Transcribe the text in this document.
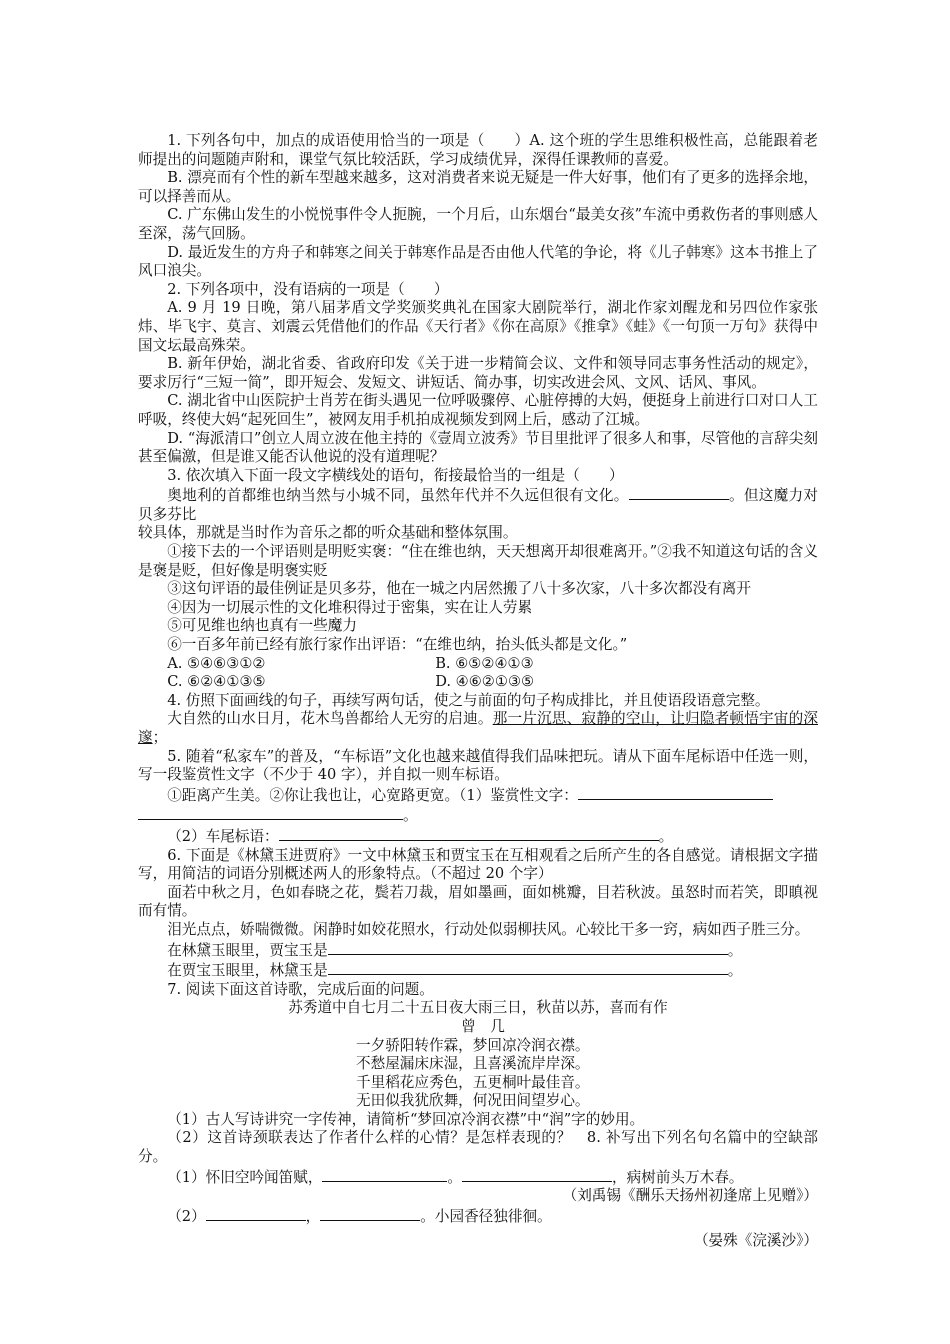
1. 下列各句中，加点的成语使用恰当的一项是（　　）A. 这个班的学生思维积极性高，总能跟着老师提出的问题随声附和，课堂气氛比较活跃，学习成绩优异，深得任课教师的喜爱。

B. 漂亮而有个性的新车型越来越多，这对消费者来说无疑是一件大好事，他们有了更多的选择余地，可以择善而从。

C. 广东佛山发生的小悦悦事件令人扼腕，一个月后，山东烟台“最美女孩”车流中勇救伤者的事则感人至深，荡气回肠。

D. 最近发生的方舟子和韩寒之间关于韩寒作品是否由他人代笔的争论，将《儿子韩寒》这本书推上了风口浪尖。

2. 下列各项中，没有语病的一项是（　　）

A. 9 月 19 日晚，第八届茅盾文学奖颁奖典礼在国家大剧院举行，湖北作家刘醒龙和另四位作家张炜、毕飞宇、莫言、刘震云凭借他们的作品《天行者》《你在高原》《推拿》《蛙》《一句顶一万句》获得中国文坛最高殊荣。

B. 新年伊始，湖北省委、省政府印发《关于进一步精简会议、文件和领导同志事务性活动的规定》，要求厉行“三短一简”，即开短会、发短文、讲短话、简办事，切实改进会风、文风、话风、事风。

C. 湖北省中山医院护士肖芳在街头遇见一位呼吸骤停、心脏停搏的大妈，便挺身上前进行口对口人工呼吸，终使大妈“起死回生”，被网友用手机拍成视频发到网上后，感动了江城。

D. “海派清口”创立人周立波在他主持的《壹周立波秀》节目里批评了很多人和事，尽管他的言辞尖刻甚至偏激，但是谁又能否认他说的没有道理呢？

3. 依次填入下面一段文字横线处的语句，衔接最恰当的一组是（　　）

奥地利的首都维也纳当然与小城不同，虽然年代并不久远但很有文化。	。但这魔力对贝多芬比

较具体，那就是当时作为音乐之都的听众基础和整体氛围。

①接下去的一个评语则是明贬实褒：“住在维也纳，天天想离开却很难离开。”②我不知道这句话的含义是褒是贬，但好像是明褒实贬

③这句评语的最佳例证是贝多芬，他在一城之内居然搬了八十多次家，八十多次都没有离开

④因为一切展示性的文化堆积得过于密集，实在让人劳累

⑤可见维也纳也真有一些魔力

⑥一百多年前已经有旅行家作出评语：“在维也纳，抬头低头都是文化。”

A. ⑤④⑥③①②	B. ⑥⑤②④①③
C. ⑥②④①③⑤	D. ④⑥②①③⑤

4. 仿照下面画线的句子，再续写两句话，使之与前面的句子构成排比，并且使语段语意完整。

大自然的山水日月，花木鸟兽都给人无穷的启迪。那一片沉思、寂静的空山，让归隐者顿悟宇宙的深邃；

5. 随着“私家车”的普及，“车标语”文化也越来越值得我们品味把玩。请从下面车尾标语中任选一则，写一段鉴赏性文字（不少于 40 字），并自拟一则车标语。

①距离产生美。②你让我也让，心宽路更宽。（1）鉴赏性文字：

。

（2）车尾标语：	。

6. 下面是《林黛玉进贾府》一文中林黛玉和贾宝玉在互相观看之后所产生的各自感觉。请根据文字描写，用简洁的词语分别概述两人的形象特点。（不超过 20 个字）

面若中秋之月，色如春晓之花，鬓若刀裁，眉如墨画，面如桃瓣，目若秋波。虽怒时而若笑，即瞋视而有情。

泪光点点，娇喘微微。闲静时如姣花照水，行动处似弱柳扶风。心较比干多一窍，病如西子胜三分。

在林黛玉眼里，贾宝玉是	。

在贾宝玉眼里，林黛玉是	。

7. 阅读下面这首诗歌，完成后面的问题。

苏秀道中自七月二十五日夜大雨三日，秋苗以苏，喜而有作

曾　几

一夕骄阳转作霖，梦回凉冷润衣襟。

不愁屋漏床床湿，且喜溪流岸岸深。

千里稻花应秀色，五更桐叶最佳音。

无田似我犹欣舞，何况田间望岁心。

（1）古人写诗讲究一字传神，请简析“梦回凉冷润衣襟”中“润”字的妙用。

（2）这首诗颈联表达了作者什么样的心情？是怎样表现的？　8. 补写出下列名句名篇中的空缺部分。

（1）怀旧空吟闻笛赋，	。	，病树前头万木春。

（刘禹锡《酬乐天扬州初逢席上见赠》）

（2）	，	。小园香径独徘徊。

（晏殊《浣溪沙》）
